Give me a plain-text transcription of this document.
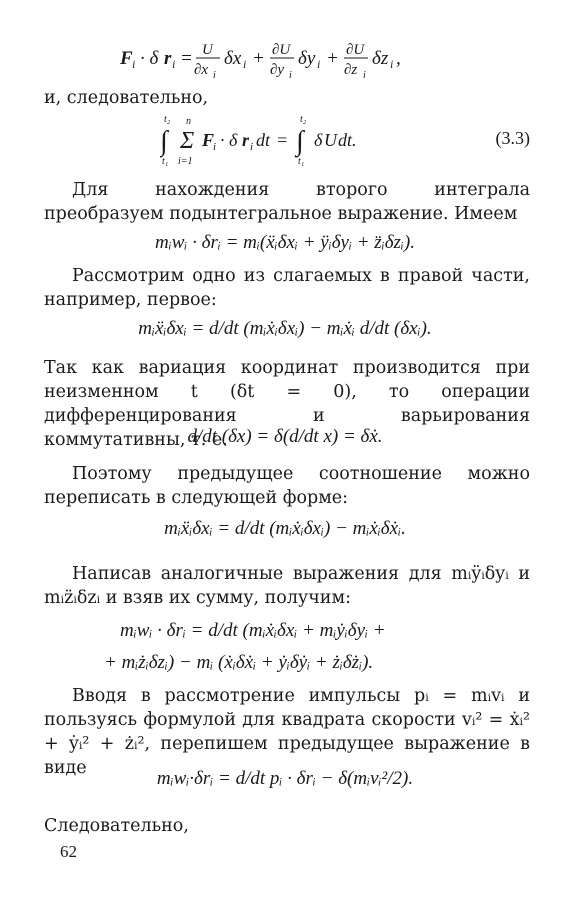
F i · δ r i = U
∂x i
δx i + ∂U
∂y i
δy i + ∂U
∂z i
δz i ,
и, следовательно,
∫
t₂
t₁
Σ
n
i=1
F
i · δ r i dt = ∫
t₂
t₁
δ U dt.	(3.3)
Для нахождения второго интеграла преобразуем подынтегральное выражение. Имеем
mᵢwᵢ · δrᵢ = mᵢ(ẍᵢδxᵢ + ÿᵢδyᵢ + z̈ᵢδzᵢ).
Рассмотрим одно из слагаемых в правой части, например, первое:
mᵢẍᵢδxᵢ = d/dt (mᵢẋᵢδxᵢ) − mᵢẋᵢ d/dt (δxᵢ).
Так как вариация координат производится при неизменном t (δt = 0), то операции дифференцирования и варьирования коммутативны, т. е.
d/dt (δx) = δ(d/dt x) = δẋ.
Поэтому предыдущее соотношение можно переписать в следующей форме:
mᵢẍᵢδxᵢ = d/dt (mᵢẋᵢδxᵢ) − mᵢẋᵢδẋᵢ.
Написав аналогичные выражения для mᵢÿᵢδyᵢ и mᵢz̈ᵢδzᵢ и взяв их сумму, получим:
mᵢwᵢ · δrᵢ = d/dt (mᵢẋᵢδxᵢ + mᵢẏᵢδyᵢ +
+ mᵢżᵢδzᵢ) − mᵢ (ẋᵢδẋᵢ + ẏᵢδẏᵢ + żᵢδżᵢ).
Вводя в рассмотрение импульсы pᵢ = mᵢvᵢ и пользуясь формулой для квадрата скорости vᵢ² = ẋᵢ² + ẏᵢ² + żᵢ², перепишем предыдущее выражение в виде	mᵢwᵢ·δrᵢ = d/dt pᵢ · δrᵢ − δ(mᵢvᵢ²/2).
Следовательно,
62
